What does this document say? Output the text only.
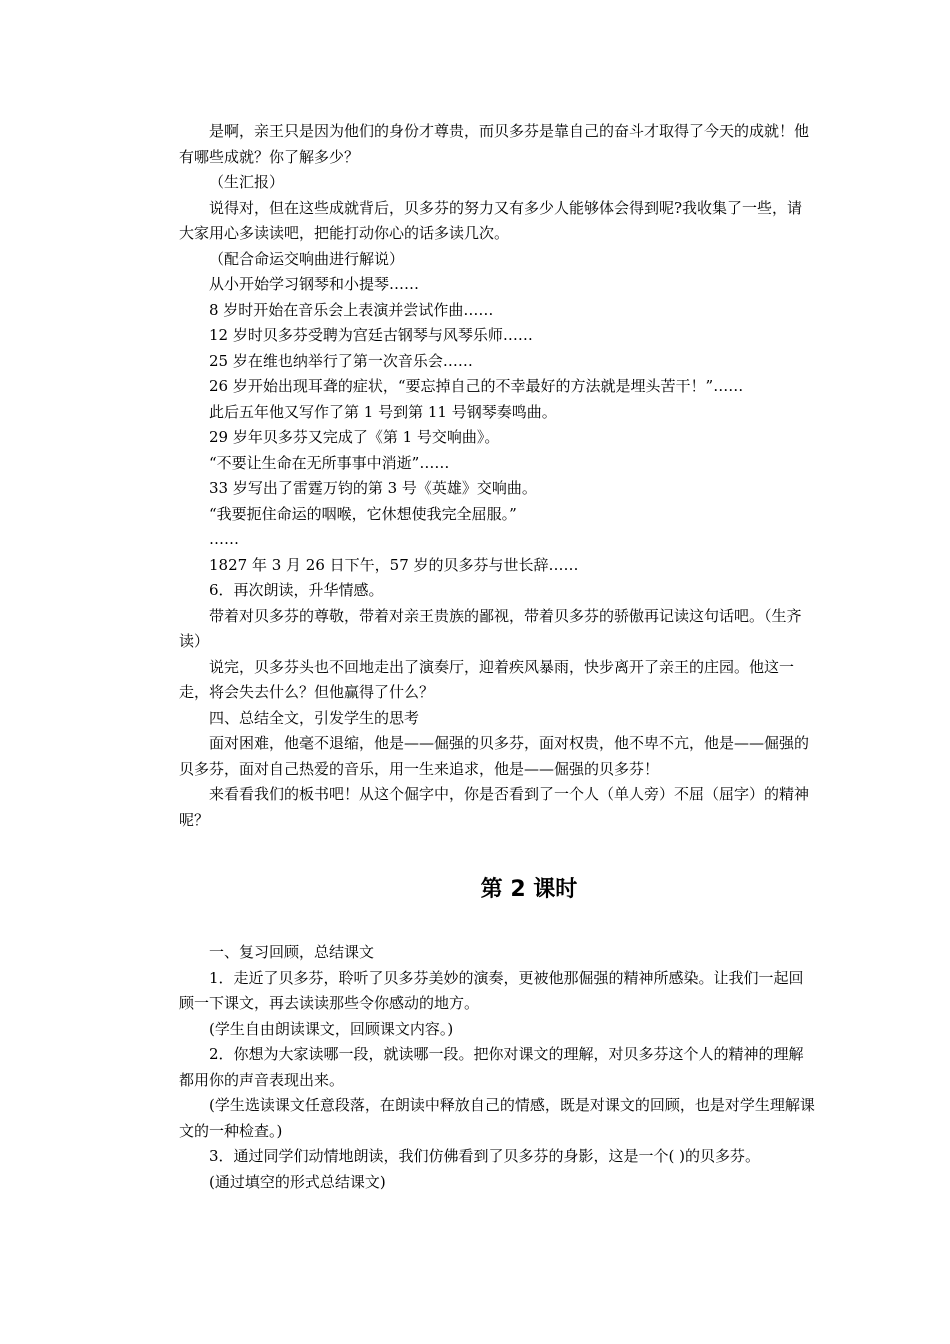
是啊，亲王只是因为他们的身份才尊贵，而贝多芬是靠自己的奋斗才取得了今天的成就！他有哪些成就？你了解多少？

（生汇报）

说得对，但在这些成就背后，贝多芬的努力又有多少人能够体会得到呢?我收集了一些，请大家用心多读读吧，把能打动你心的话多读几次。

（配合命运交响曲进行解说）

从小开始学习钢琴和小提琴……

8 岁时开始在音乐会上表演并尝试作曲……

12 岁时贝多芬受聘为宫廷古钢琴与风琴乐师……

25 岁在维也纳举行了第一次音乐会……

26 岁开始出现耳聋的症状，“要忘掉自己的不幸最好的方法就是埋头苦干！”……

此后五年他又写作了第 1 号到第 11 号钢琴奏鸣曲。

29 岁年贝多芬又完成了《第 1 号交响曲》。

“不要让生命在无所事事中消逝”……

33 岁写出了雷霆万钧的第 3 号《英雄》交响曲。

“我要扼住命运的咽喉，它休想使我完全屈服。”

……

1827 年 3 月 26 日下午，57 岁的贝多芬与世长辞……

6．再次朗读，升华情感。

带着对贝多芬的尊敬，带着对亲王贵族的鄙视，带着贝多芬的骄傲再记读这句话吧。（生齐读）

说完，贝多芬头也不回地走出了演奏厅，迎着疾风暴雨，快步离开了亲王的庄园。他这一走，将会失去什么？但他赢得了什么？

四、总结全文，引发学生的思考

面对困难，他毫不退缩，他是——倔强的贝多芬，面对权贵，他不卑不亢，他是——倔强的贝多芬，面对自己热爱的音乐，用一生来追求，他是——倔强的贝多芬！

来看看我们的板书吧！从这个倔字中，你是否看到了一个人（单人旁）不屈（屈字）的精神呢？

第 2 课时

一、复习回顾，总结课文

1．走近了贝多芬，聆听了贝多芬美妙的演奏，更被他那倔强的精神所感染。让我们一起回顾一下课文，再去读读那些令你感动的地方。

(学生自由朗读课文，回顾课文内容。)

2．你想为大家读哪一段，就读哪一段。把你对课文的理解，对贝多芬这个人的精神的理解都用你的声音表现出来。

(学生选读课文任意段落，在朗读中释放自己的情感，既是对课文的回顾，也是对学生理解课文的一种检查。)

3．通过同学们动情地朗读，我们仿佛看到了贝多芬的身影，这是一个( )的贝多芬。

(通过填空的形式总结课文)
